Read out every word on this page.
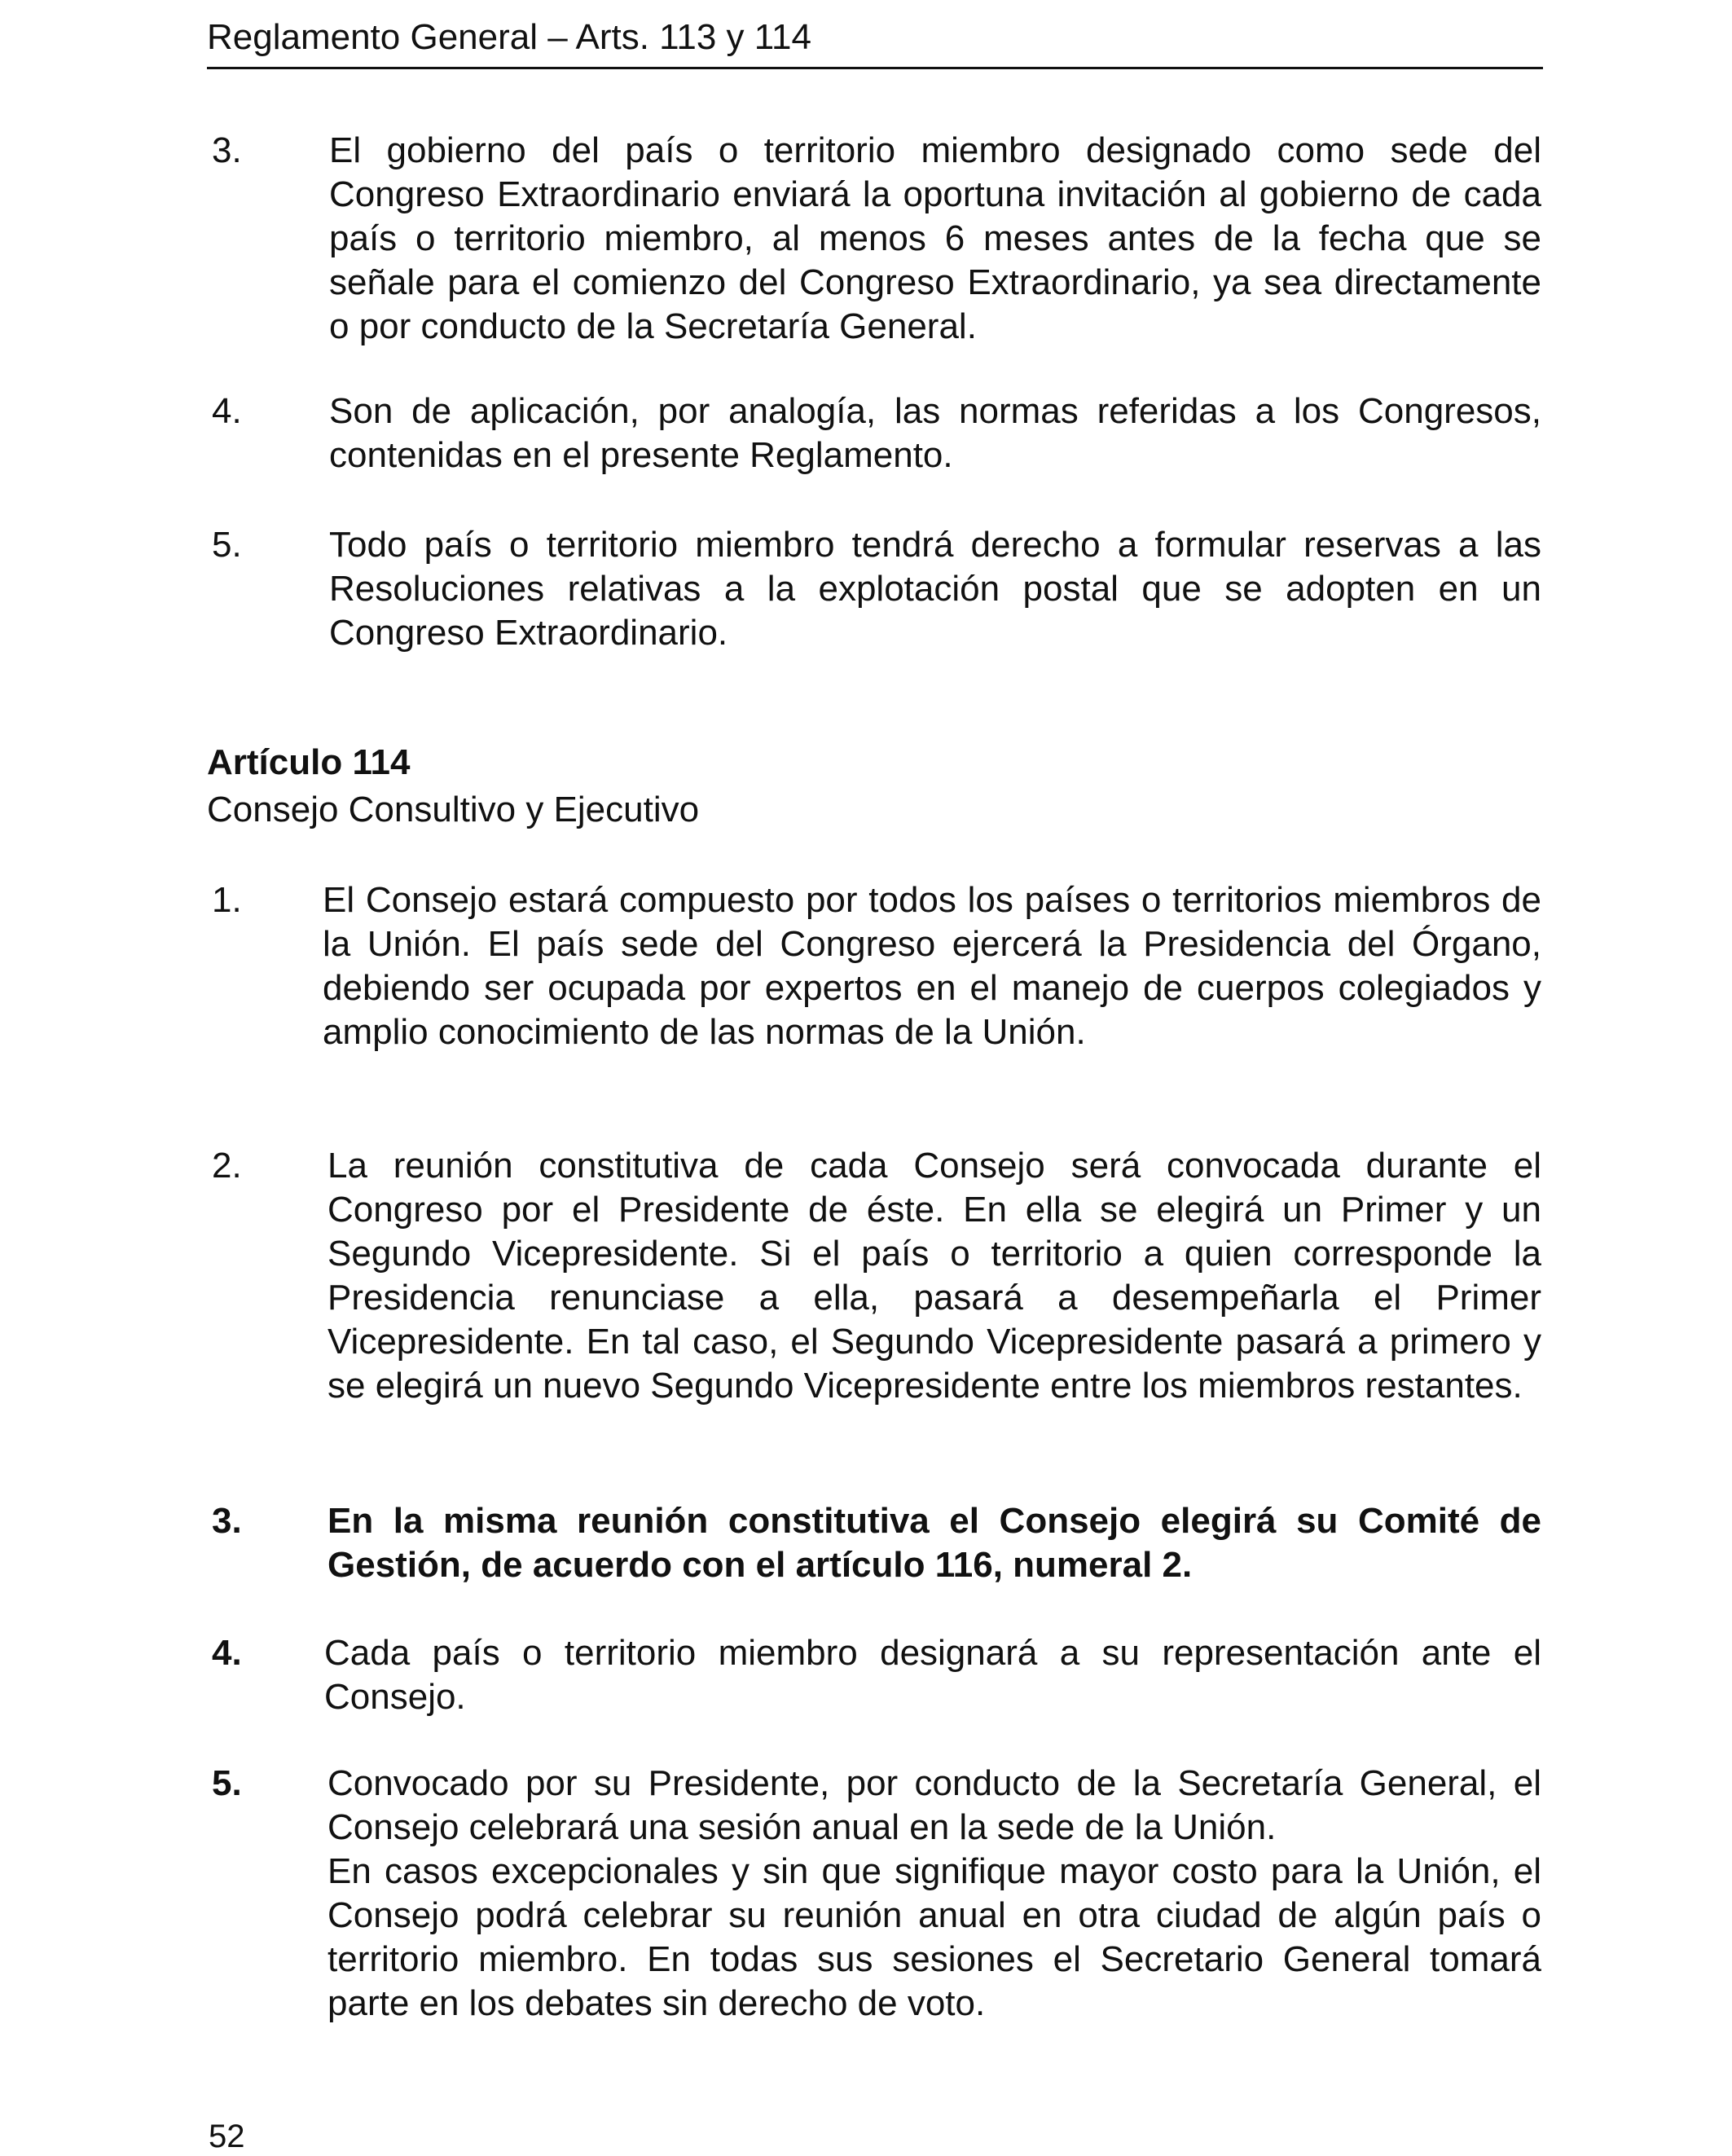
Reglamento General – Arts. 113 y 114
3. El gobierno del país o territorio miembro designado como sede del Congreso Extraordinario enviará la oportuna invitación al gobierno de cada país o territorio miembro, al menos 6 meses antes de la fecha que se señale para el comienzo del Congreso Extraordinario, ya sea directamente o por conducto de la Secretaría General.
4. Son de aplicación, por analogía, las normas referidas a los Congresos, contenidas en el presente Reglamento.
5. Todo país o territorio miembro tendrá derecho a formular reservas a las Resoluciones relativas a la explotación postal que se adopten en un Congreso Extraordinario.
Artículo 114
Consejo Consultivo y Ejecutivo
1. El Consejo estará compuesto por todos los países o territorios miembros de la Unión. El país sede del Congreso ejercerá la Presidencia del Órgano, debiendo ser ocupada por expertos en el manejo de cuerpos colegiados y amplio conocimiento de las normas de la Unión.
2. La reunión constitutiva de cada Consejo será convocada durante el Congreso por el Presidente de éste. En ella se elegirá un Primer y un Segundo Vicepresidente. Si el país o territorio a quien corresponde la Presidencia renunciase a ella, pasará a desempeñarla el Primer Vicepresidente. En tal caso, el Segundo Vicepresidente pasará a primero y se elegirá un nuevo Segundo Vicepresidente entre los miembros restantes.
3. En la misma reunión constitutiva el Consejo elegirá su Comité de Gestión, de acuerdo con el artículo 116, numeral 2.
4. Cada país o territorio miembro designará a su representación ante el Consejo.
5. Convocado por su Presidente, por conducto de la Secretaría General, el Consejo celebrará una sesión anual en la sede de la Unión.

En casos excepcionales y sin que signifique mayor costo para la Unión, el Consejo podrá celebrar su reunión anual en otra ciudad de algún país o territorio miembro. En todas sus sesiones el Secretario General tomará parte en los debates sin derecho de voto.

52
